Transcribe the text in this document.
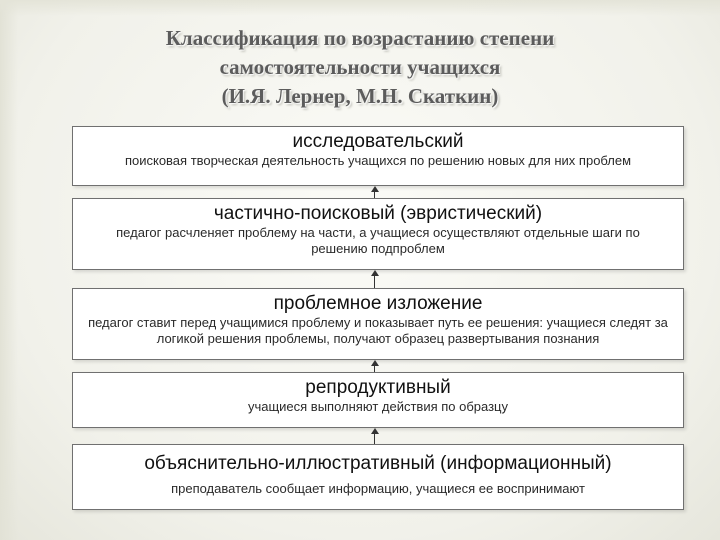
Классификация по возрастанию степени
самостоятельности учащихся
(И.Я. Лернер, М.Н. Скаткин)
исследовательский
поисковая творческая деятельность учащихся по решению новых для них проблем
частично-поисковый (эвристический)
педагог расчленяет проблему на части, а учащиеся осуществляют отдельные шаги по решению подпроблем
проблемное изложение
педагог ставит перед учащимися проблему и показывает путь ее решения: учащиеся следят за логикой решения проблемы, получают образец развертывания познания
репродуктивный
учащиеся выполняют действия по образцу
объяснительно-иллюстративный (информационный)
преподаватель сообщает информацию, учащиеся ее воспринимают
